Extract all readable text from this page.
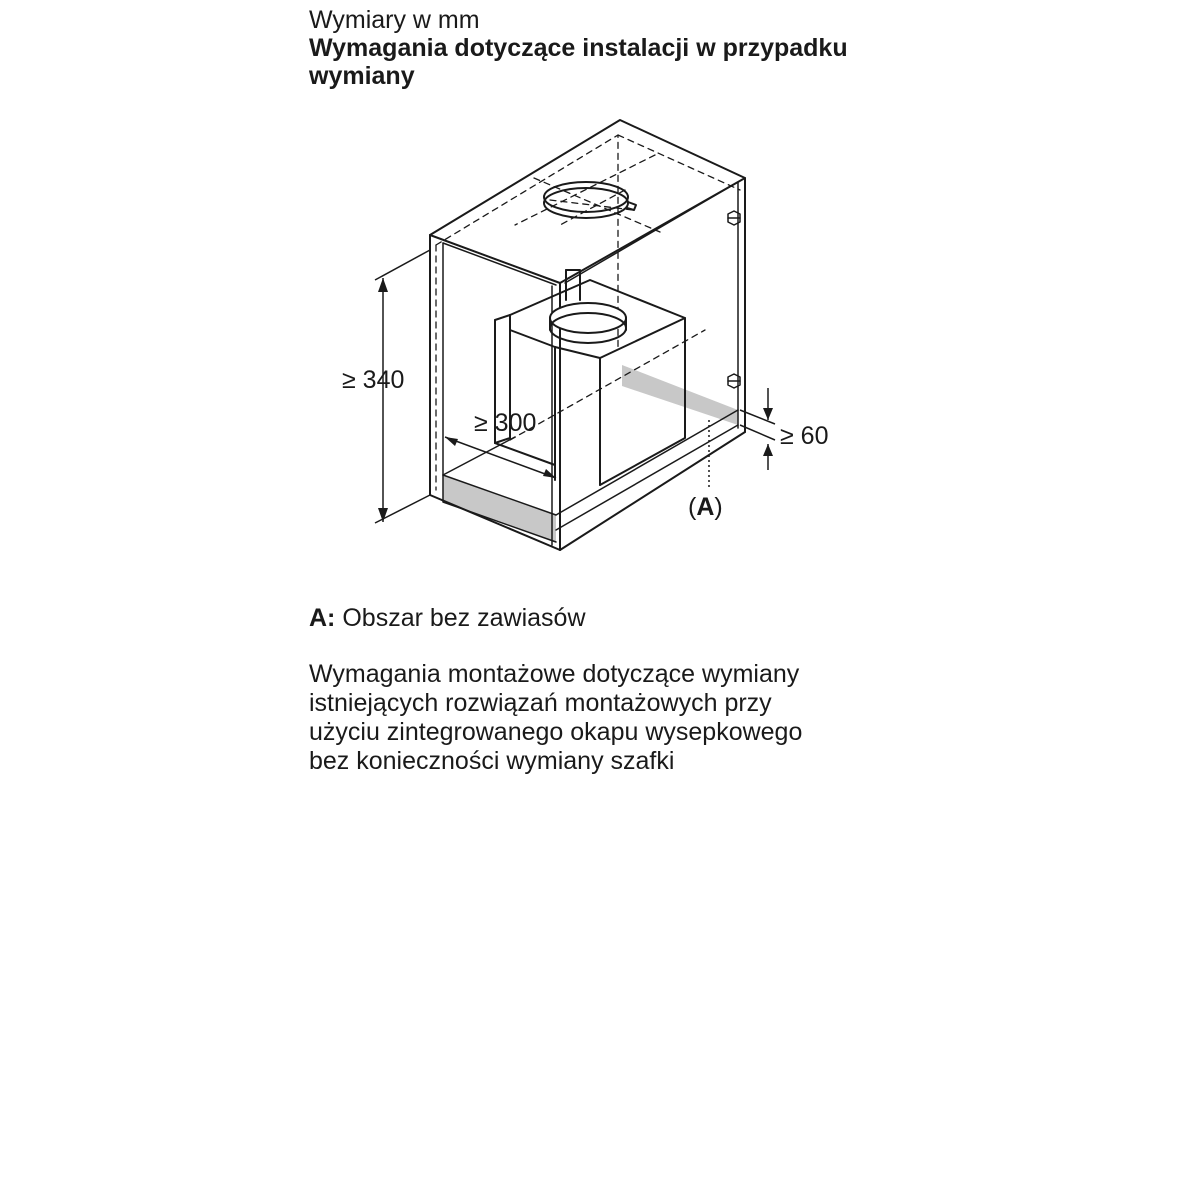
Wymiary w mm
Wymagania dotyczące instalacji w przypadku wymiany
≥ 340
≥ 300	≥ 60
(A)
A: Obszar bez zawiasów
Wymagania montażowe dotyczące wymiany
istniejących rozwiązań montażowych przy
użyciu zintegrowanego okapu wysepkowego
bez konieczności wymiany szafki
